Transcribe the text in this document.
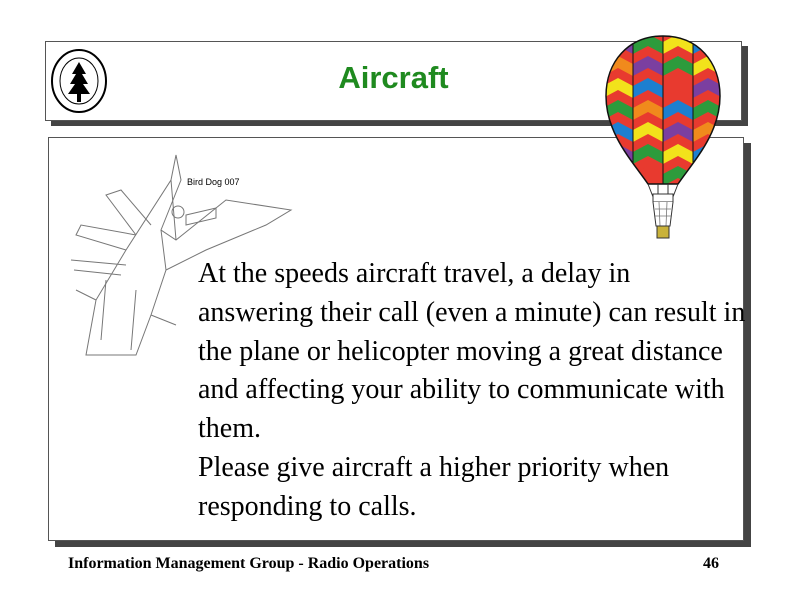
Aircraft
Bird Dog 007

At the speeds aircraft travel, a delay in answering their call (even a minute) can result in the plane or helicopter moving a great distance and affecting your ability to communicate with them.

Please give aircraft a higher priority when responding to calls.

Information Management Group - Radio Operations	46
